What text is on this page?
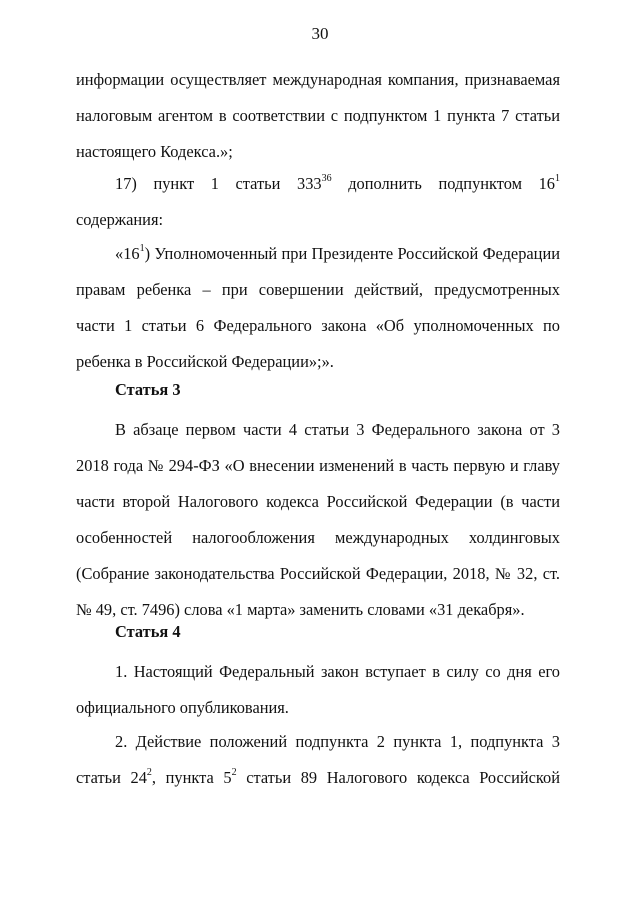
30
информации осуществляет международная компания, признаваемая
налоговым агентом в соответствии с подпунктом 1 пункта 7 статьи
настоящего Кодекса.»;
17) пункт 1 статьи $333^{36}$ дополнить подпунктом $16^1$
содержания:
«$16^1$) Уполномоченный при Президенте Российской Федерации
правам ребенка – при совершении действий, предусмотренных
части 1 статьи 6 Федерального закона «Об уполномоченных по
ребенка в Российской Федерации»;».
Статья 3
В абзаце первом части 4 статьи 3 Федерального закона от 3
2018 года № 294-ФЗ «О внесении изменений в часть первую и главу
части второй Налогового кодекса Российской Федерации (в части
особенностей налогообложения международных холдинговых
(Собрание законодательства Российской Федерации, 2018, № 32, ст.
№ 49, ст. 7496) слова «1 марта» заменить словами «31 декабря».
Статья 4
1. Настоящий Федеральный закон вступает в силу со дня его
официального опубликования.
2. Действие положений подпункта 2 пункта 1, подпункта 3
статьи $24^2$, пункта $5^2$ статьи 89 Налогового кодекса Российской
